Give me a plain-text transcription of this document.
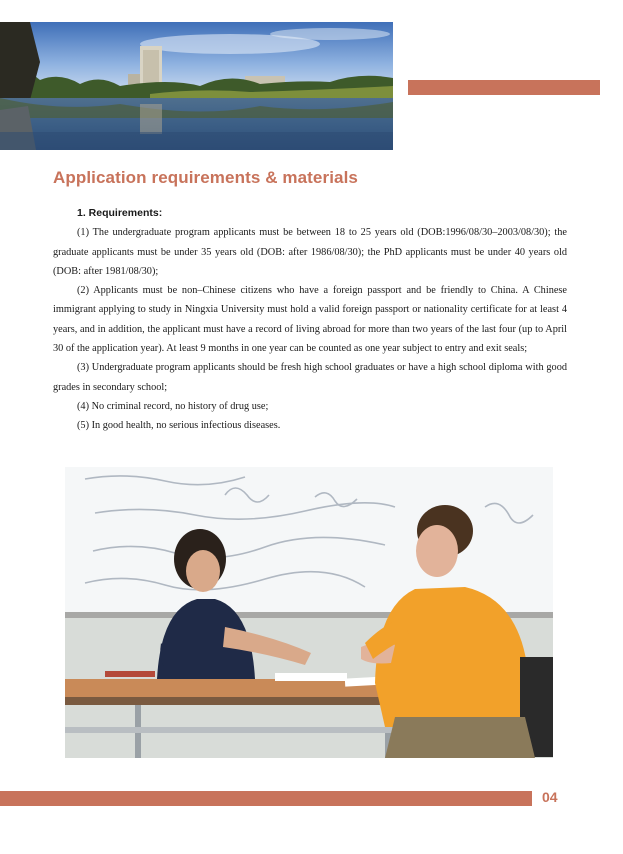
Application requirements & materials
1. Requirements:

(1) The undergraduate program applicants must be between 18 to 25 years old (DOB:1996/08/30–2003/08/30); the graduate applicants must be under 35 years old (DOB: after 1986/08/30); the PhD applicants must be under 40 years old (DOB: after 1981/08/30);

(2) Applicants must be non–Chinese citizens who have a foreign passport and be friendly to China. A Chinese immigrant applying to study in Ningxia University must hold a valid foreign passport or nationality certificate for at least 4 years, and in addition, the applicant must have a record of living abroad for more than two years of the last four (up to April 30 of the application year). At least 9 months in one year can be counted as one year subject to entry and exit seals;

(3) Undergraduate program applicants should be fresh high school graduates or have a high school diploma with good grades in secondary school;

(4) No criminal record, no history of drug use;

(5) In good health, no serious infectious diseases.

04
